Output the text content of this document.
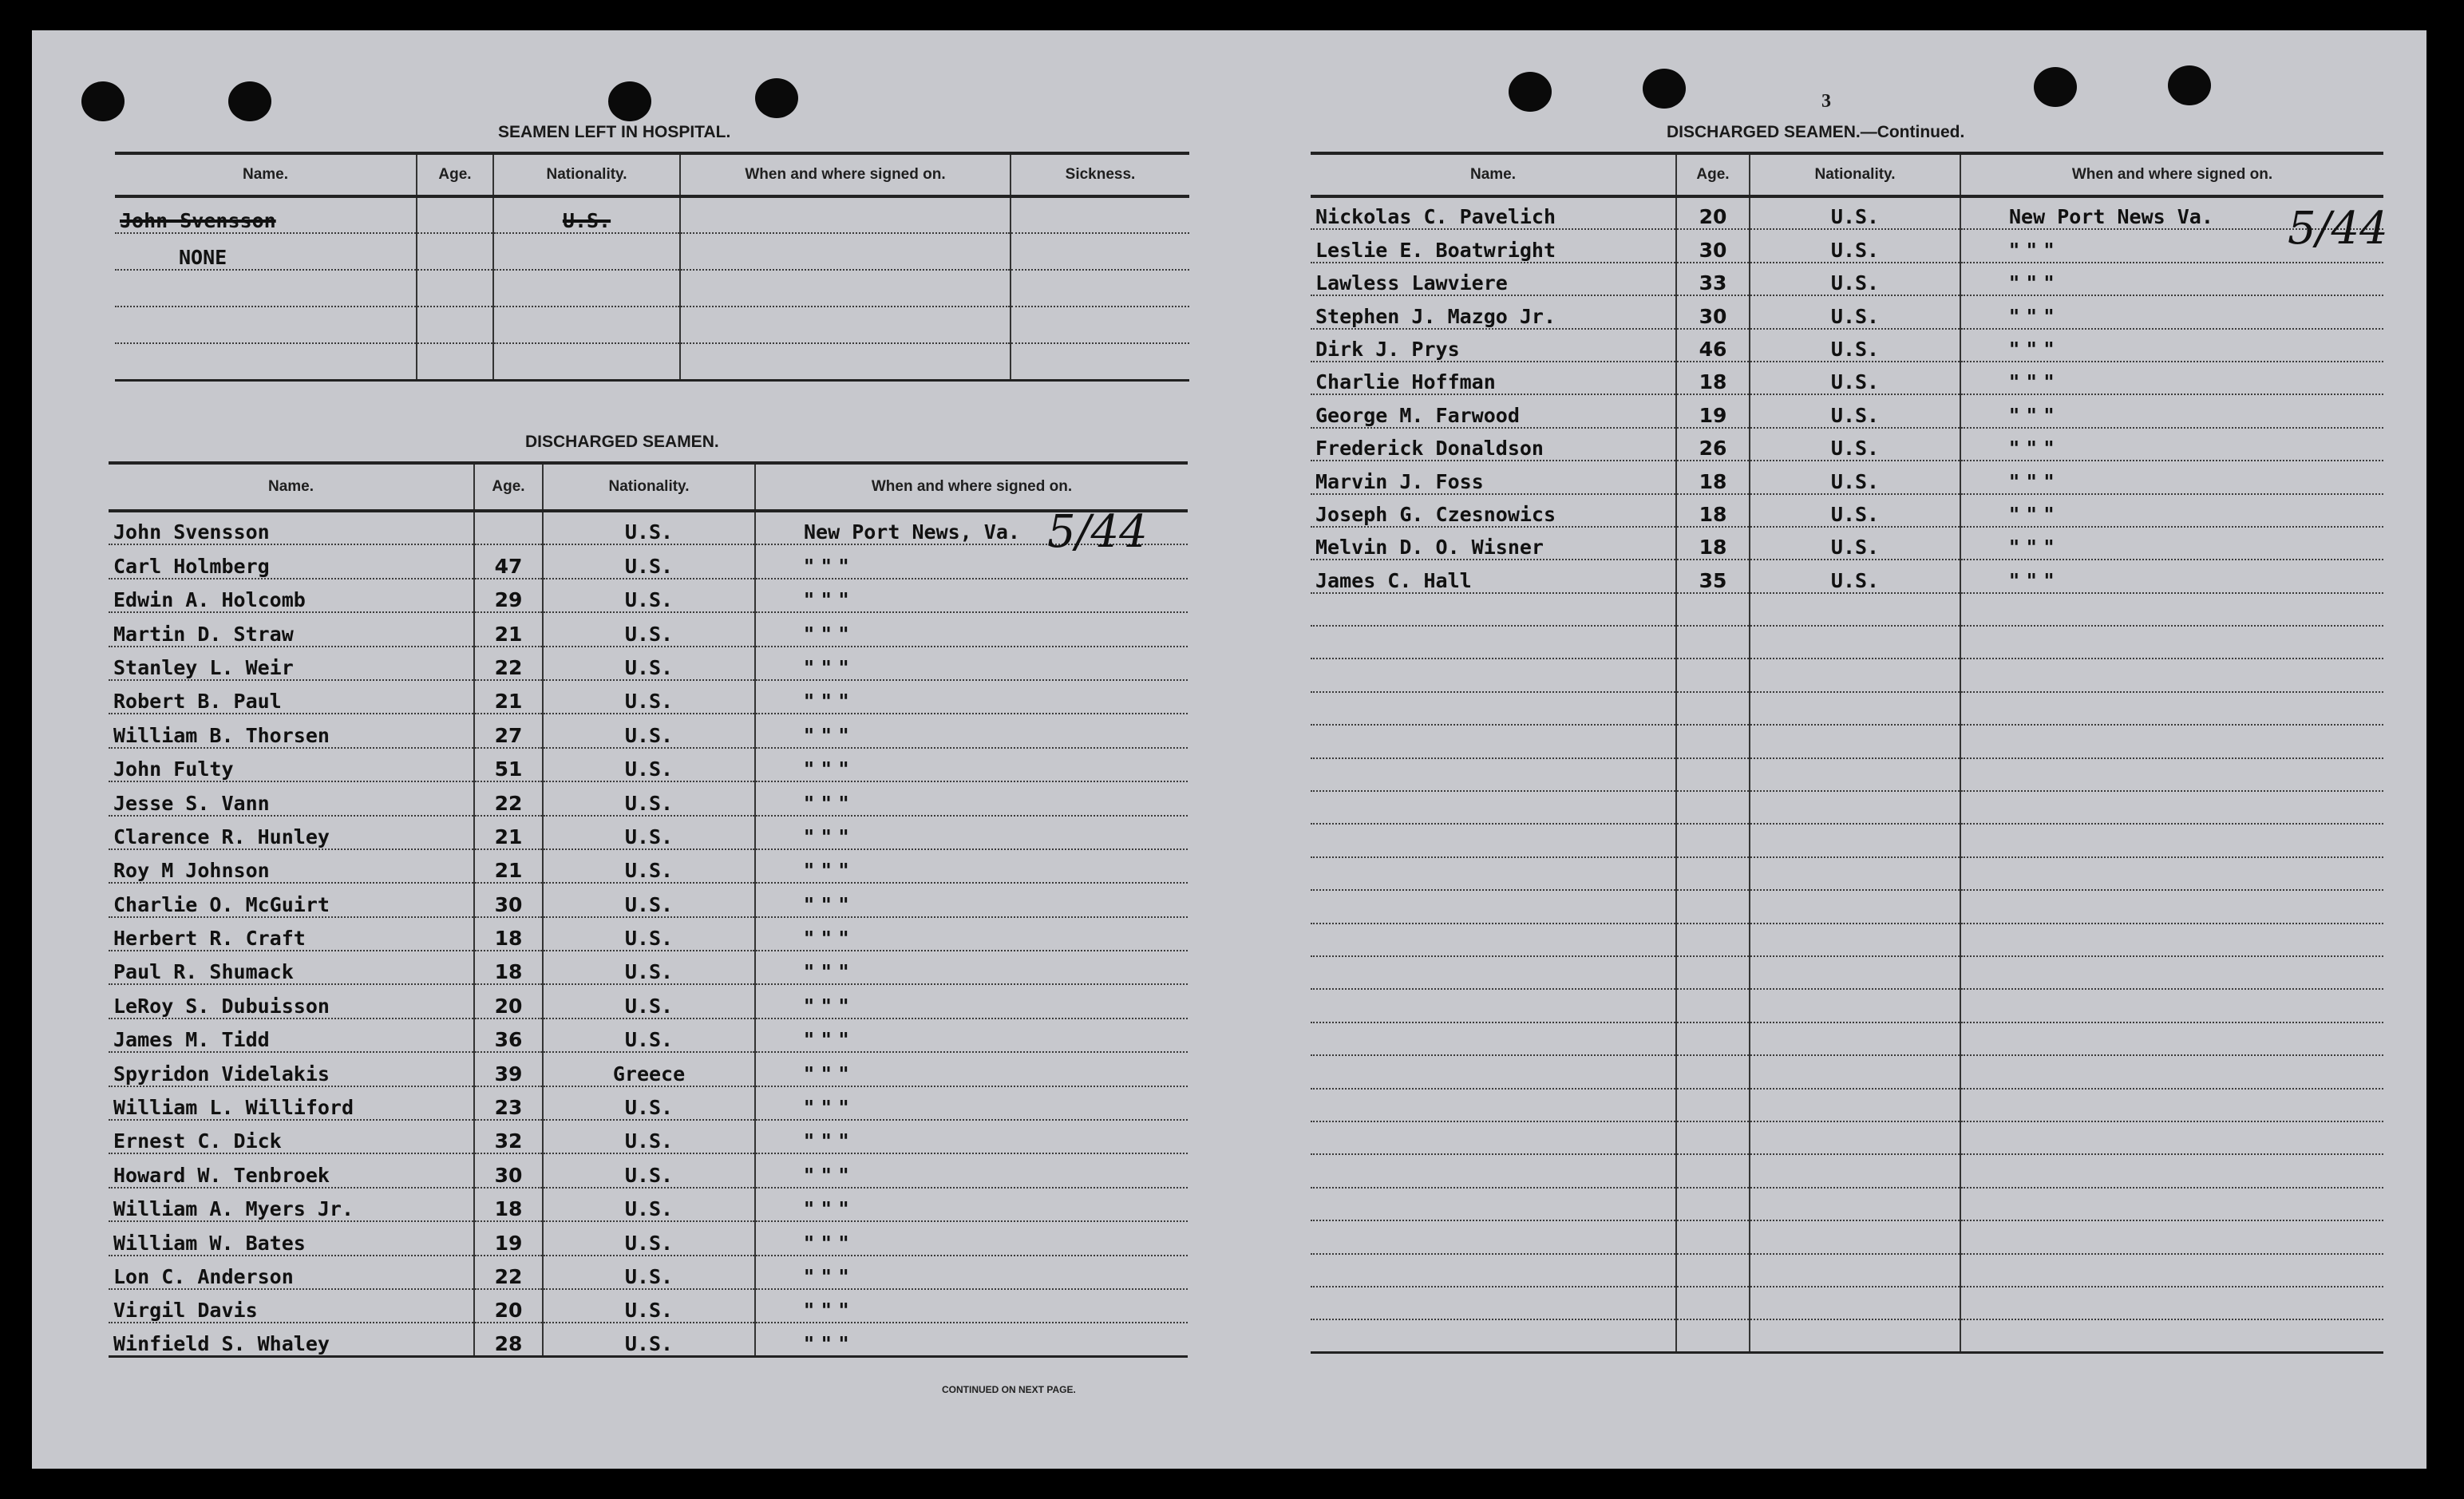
3
SEAMEN LEFT IN HOSPITAL.
Name.	Age.	Nationality.	When and where signed on.	Sickness.
John Svensson		U.S.		
NONE				

DISCHARGED SEAMEN.
Name.	Age.	Nationality.	When and where signed on.
John Svensson		U.S.	New Port News, Va.
Carl Holmberg	47	U.S.	" " "
Edwin A. Holcomb	29	U.S.	" " "
Martin D. Straw	21	U.S.	" " "
Stanley L. Weir	22	U.S.	" " "
Robert B. Paul	21	U.S.	" " "
William B. Thorsen	27	U.S.	" " "
John Fulty	51	U.S.	" " "
Jesse S. Vann	22	U.S.	" " "
Clarence R. Hunley	21	U.S.	" " "
Roy M Johnson	21	U.S.	" " "
Charlie O. McGuirt	30	U.S.	" " "
Herbert R. Craft	18	U.S.	" " "
Paul R. Shumack	18	U.S.	" " "
LeRoy S. Dubuisson	20	U.S.	" " "
James M. Tidd	36	U.S.	" " "
Spyridon Videlakis	39	Greece	" " "
William L. Williford	23	U.S.	" " "
Ernest C. Dick	32	U.S.	" " "
Howard W. Tenbroek	30	U.S.	" " "
William A. Myers Jr.	18	U.S.	" " "
William W. Bates	19	U.S.	" " "
Lon C. Anderson	22	U.S.	" " "
Virgil Davis	20	U.S.	" " "
Winfield S. Whaley	28	U.S.	" " "
5/44
CONTINUED ON NEXT PAGE.
DISCHARGED SEAMEN.—Continued.
Name.	Age.	Nationality.	When and where signed on.
Nickolas C. Pavelich	20	U.S.	New Port News Va.
Leslie E. Boatwright	30	U.S.	" " "
Lawless Lawviere	33	U.S.	" " "
Stephen J. Mazgo Jr.	30	U.S.	" " "
Dirk J. Prys	46	U.S.	" " "
Charlie Hoffman	18	U.S.	" " "
George M. Farwood	19	U.S.	" " "
Frederick Donaldson	26	U.S.	" " "
Marvin J. Foss	18	U.S.	" " "
Joseph G. Czesnowics	18	U.S.	" " "
Melvin D. O. Wisner	18	U.S.	" " "
James C. Hall	35	U.S.	" " "

5/44
